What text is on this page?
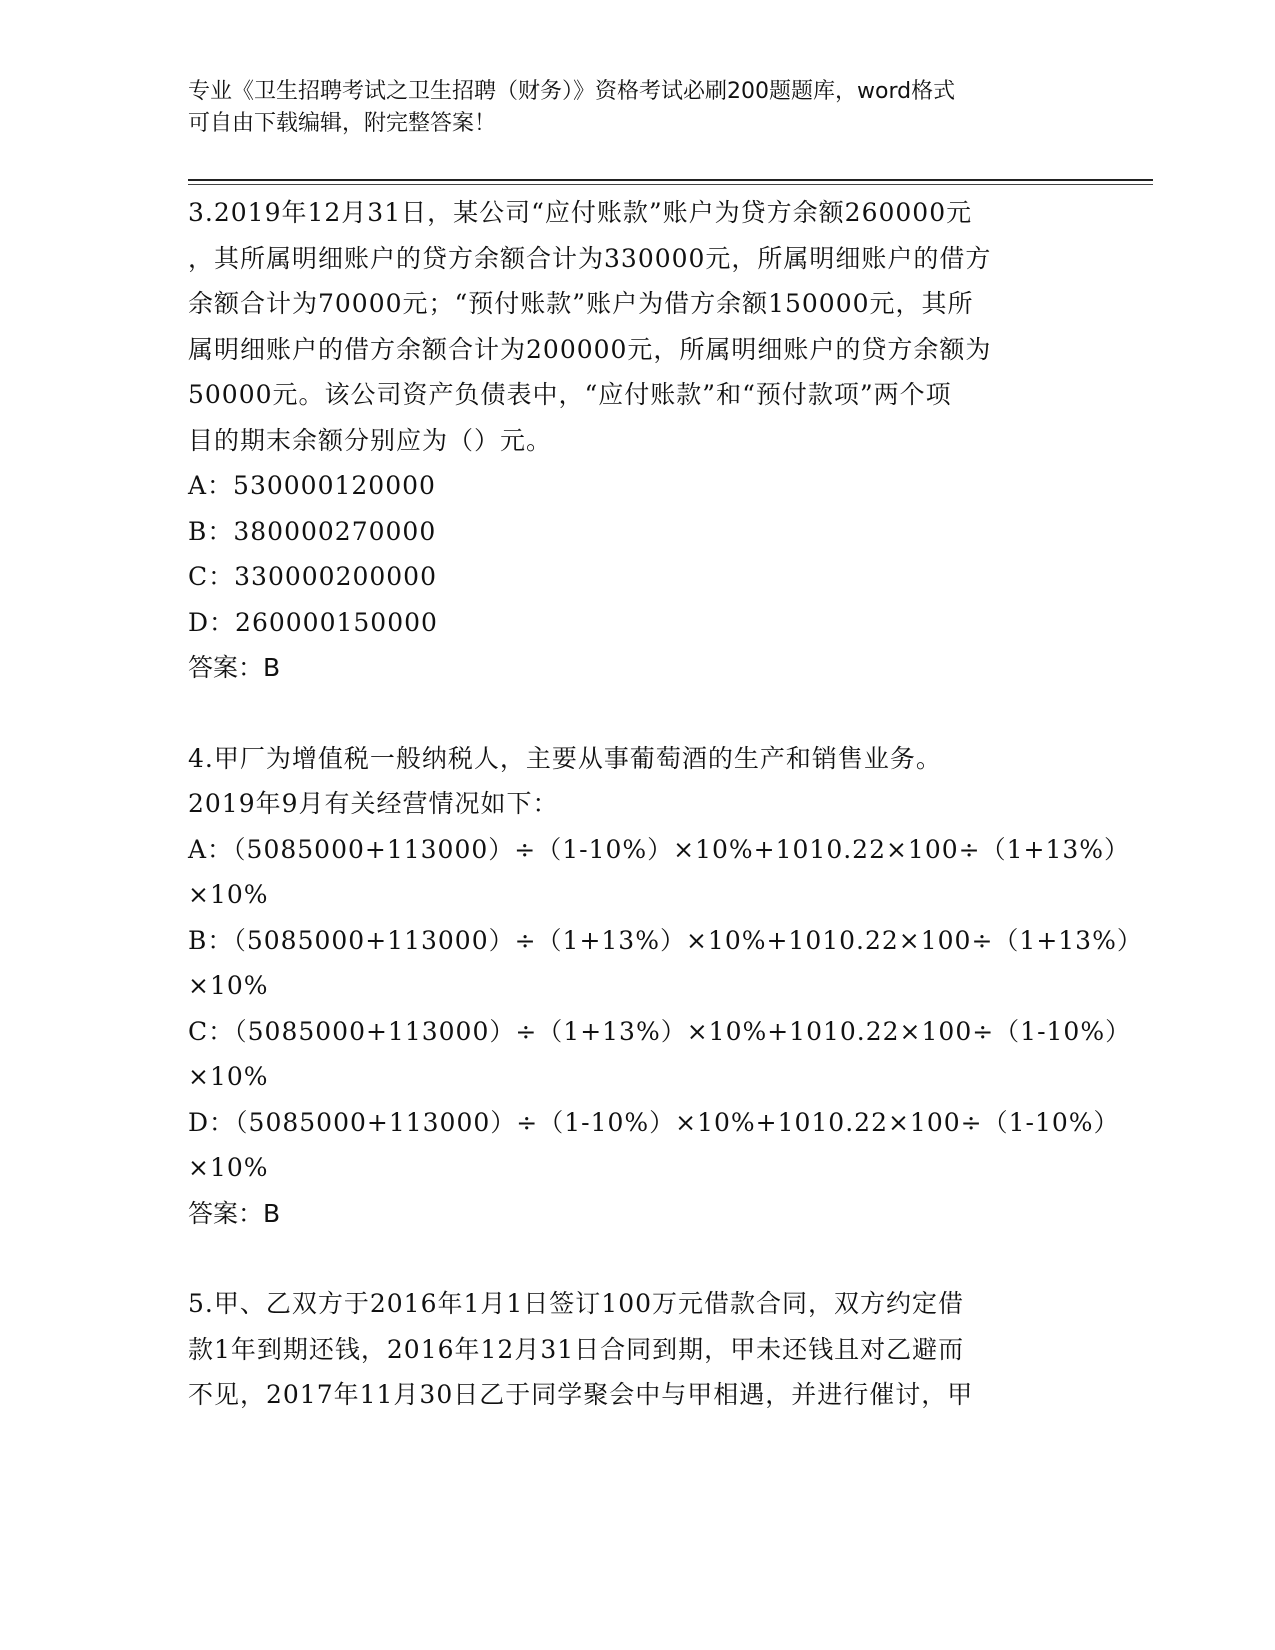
专业《卫生招聘考试之卫生招聘（财务）》资格考试必刷200题题库，word格式
可自由下载编辑，附完整答案！
3.2019年12月31日，某公司“应付账款”账户为贷方余额260000元
，其所属明细账户的贷方余额合计为330000元，所属明细账户的借方
余额合计为70000元；“预付账款”账户为借方余额150000元，其所
属明细账户的借方余额合计为200000元，所属明细账户的贷方余额为
50000元。该公司资产负债表中，“应付账款”和“预付款项”两个项
目的期末余额分别应为（）元。
A：530000120000
B：380000270000
C：330000200000
D：260000150000
答案：B
4.甲厂为增值税一般纳税人，主要从事葡萄酒的生产和销售业务。
2019年9月有关经营情况如下：
A：（5085000+113000）÷（1-10%）×10%+1010.22×100÷（1+13%）
×10%
B：（5085000+113000）÷（1+13%）×10%+1010.22×100÷（1+13%）
×10%
C：（5085000+113000）÷（1+13%）×10%+1010.22×100÷（1-10%）
×10%
D：（5085000+113000）÷（1-10%）×10%+1010.22×100÷（1-10%）
×10%
答案：B
5.甲、乙双方于2016年1月1日签订100万元借款合同，双方约定借
款1年到期还钱，2016年12月31日合同到期，甲未还钱且对乙避而
不见，2017年11月30日乙于同学聚会中与甲相遇，并进行催讨，甲
